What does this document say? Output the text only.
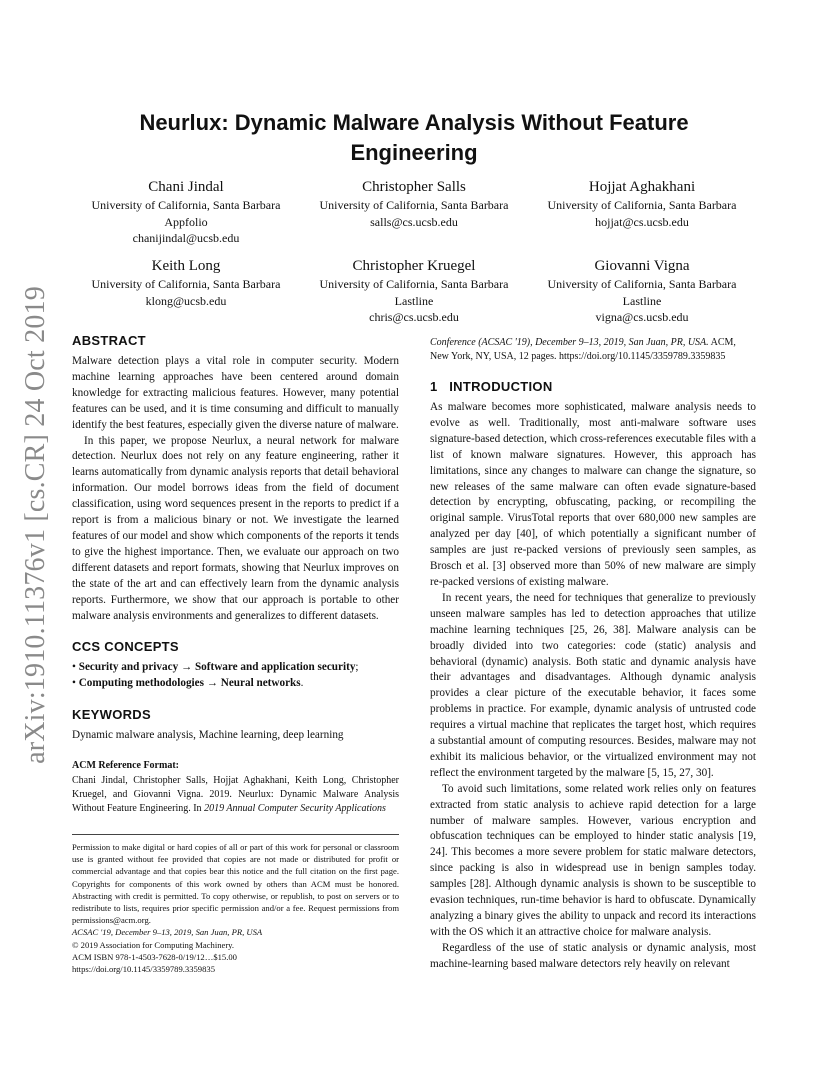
arXiv:1910.11376v1 [cs.CR] 24 Oct 2019
Neurlux: Dynamic Malware Analysis Without Feature Engineering
Chani Jindal
University of California, Santa Barbara
Appfolio
chanijindal@ucsb.edu
Christopher Salls
University of California, Santa Barbara
salls@cs.ucsb.edu
Hojjat Aghakhani
University of California, Santa Barbara
hojjat@cs.ucsb.edu
Keith Long
University of California, Santa Barbara
klong@ucsb.edu
Christopher Kruegel
University of California, Santa Barbara
Lastline
chris@cs.ucsb.edu
Giovanni Vigna
University of California, Santa Barbara
Lastline
vigna@cs.ucsb.edu
ABSTRACT

Malware detection plays a vital role in computer security. Modern machine learning approaches have been centered around domain knowledge for extracting malicious features. However, many potential features can be used, and it is time consuming and difficult to manually identify the best features, especially given the diverse nature of malware.

In this paper, we propose Neurlux, a neural network for malware detection. Neurlux does not rely on any feature engineering, rather it learns automatically from dynamic analysis reports that detail behavioral information. Our model borrows ideas from the field of document classification, using word sequences present in the reports to predict if a report is from a malicious binary or not. We investigate the learned features of our model and show which components of the reports it tends to give the highest importance. Then, we evaluate our approach on two different datasets and report formats, showing that Neurlux improves on the state of the art and can effectively learn from the dynamic analysis reports. Furthermore, we show that our approach is portable to other malware analysis environments and generalizes to different datasets.

CCS CONCEPTS

• Security and privacy → Software and application security;

• Computing methodologies → Neural networks.

KEYWORDS

Dynamic malware analysis, Machine learning, deep learning

ACM Reference Format:
Chani Jindal, Christopher Salls, Hojjat Aghakhani, Keith Long, Christopher Kruegel, and Giovanni Vigna. 2019. Neurlux: Dynamic Malware Analysis Without Feature Engineering. In 2019 Annual Computer Security Applications

Permission to make digital or hard copies of all or part of this work for personal or classroom use is granted without fee provided that copies are not made or distributed for profit or commercial advantage and that copies bear this notice and the full citation on the first page. Copyrights for components of this work owned by others than ACM must be honored. Abstracting with credit is permitted. To copy otherwise, or republish, to post on servers or to redistribute to lists, requires prior specific permission and/or a fee. Request permissions from permissions@acm.org.

ACSAC '19, December 9–13, 2019, San Juan, PR, USA
© 2019 Association for Computing Machinery.
ACM ISBN 978-1-4503-7628-0/19/12…$15.00
https://doi.org/10.1145/3359789.3359835
Conference (ACSAC '19), December 9–13, 2019, San Juan, PR, USA. ACM, New York, NY, USA, 12 pages. https://doi.org/10.1145/3359789.3359835
1   INTRODUCTION

As malware becomes more sophisticated, malware analysis needs to evolve as well. Traditionally, most anti-malware software uses signature-based detection, which cross-references executable files with a list of known malware signatures. However, this approach has limitations, since any changes to malware can change the signature, so new releases of the same malware can often evade signature-based detection by encrypting, obfuscating, packing, or recompiling the original sample. VirusTotal reports that over 680,000 new samples are analyzed per day [40], of which potentially a significant number of samples are just re-packed versions of previously seen samples, as Brosch et al. [3] observed more than 50% of new malware are simply re-packed versions of existing malware.

In recent years, the need for techniques that generalize to previously unseen malware samples has led to detection approaches that utilize machine learning techniques [25, 26, 38]. Malware analysis can be broadly divided into two categories: code (static) analysis and behavioral (dynamic) analysis. Both static and dynamic analysis have their advantages and disadvantages. Although dynamic analysis provides a clear picture of the executable behavior, it faces some problems in practice. For example, dynamic analysis of untrusted code requires a virtual machine that replicates the target host, which requires a substantial amount of computing resources. Besides, malware may not exhibit its malicious behavior, or the virtualized environment may not reflect the environment targeted by the malware [5, 15, 27, 30].

To avoid such limitations, some related work relies only on features extracted from static analysis to achieve rapid detection for a large number of malware samples. However, various encryption and obfuscation techniques can be employed to hinder static analysis [19, 24]. This becomes a more severe problem for static malware detectors, since packing is also in widespread use in benign samples today. samples [28]. Although dynamic analysis is shown to be susceptible to evasion techniques, run-time behavior is hard to obfuscate. Dynamically analyzing a binary gives the ability to unpack and record its interactions with the OS which it an attractive choice for malware analysis.

Regardless of the use of static analysis or dynamic analysis, most machine-learning based malware detectors rely heavily on relevant
